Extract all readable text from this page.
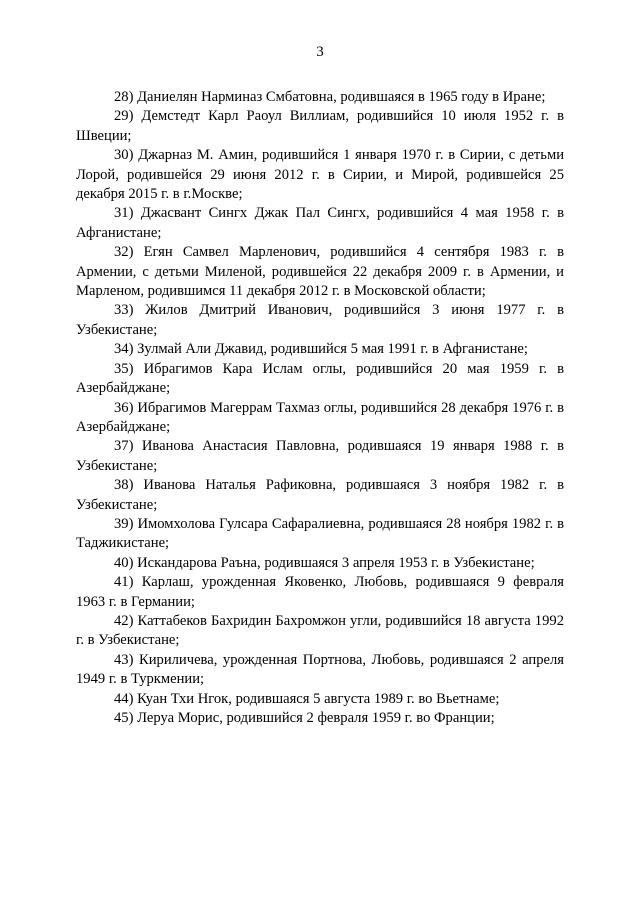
3

28) Даниелян Нарминаз Смбатовна, родившаяся в 1965 году в Иране;

29) Демстедт Карл Раоул Виллиам, родившийся 10 июля 1952 г. в Швеции;

30) Джарназ М. Амин, родившийся 1 января 1970 г. в Сирии, с детьми Лорой, родившейся 29 июня 2012 г. в Сирии, и Мирой, родившейся 25 декабря 2015 г. в г.Москве;

31) Джасвант Сингх Джак Пал Сингх, родившийся 4 мая 1958 г. в Афганистане;

32) Егян Самвел Марленович, родившийся 4 сентября 1983 г. в Армении, с детьми Миленой, родившейся 22 декабря 2009 г. в Армении, и Марленом, родившимся 11 декабря 2012 г. в Московской области;

33) Жилов Дмитрий Иванович, родившийся 3 июня 1977 г. в Узбекистане;

34) Зулмай Али Джавид, родившийся 5 мая 1991 г. в Афганистане;

35) Ибрагимов Кара Ислам оглы, родившийся 20 мая 1959 г. в Азербайджане;

36) Ибрагимов Магеррам Тахмаз оглы, родившийся 28 декабря 1976 г. в Азербайджане;

37) Иванова Анастасия Павловна, родившаяся 19 января 1988 г. в Узбекистане;

38) Иванова Наталья Рафиковна, родившаяся 3 ноября 1982 г. в Узбекистане;

39) Имомхолова Гулсара Сафаралиевна, родившаяся 28 ноября 1982 г. в Таджикистане;

40) Искандарова Раъна, родившаяся 3 апреля 1953 г. в Узбекистане;

41) Карлаш, урожденная Яковенко, Любовь, родившаяся 9 февраля 1963 г. в Германии;

42) Каттабеков Бахридин Бахромжон угли, родившийся 18 августа 1992 г. в Узбекистане;

43) Кириличева, урожденная Портнова, Любовь, родившаяся 2 апреля 1949 г. в Туркмении;

44) Куан Тхи Нгок, родившаяся 5 августа 1989 г. во Вьетнаме;

45) Леруа Морис, родившийся 2 февраля 1959 г. во Франции;
